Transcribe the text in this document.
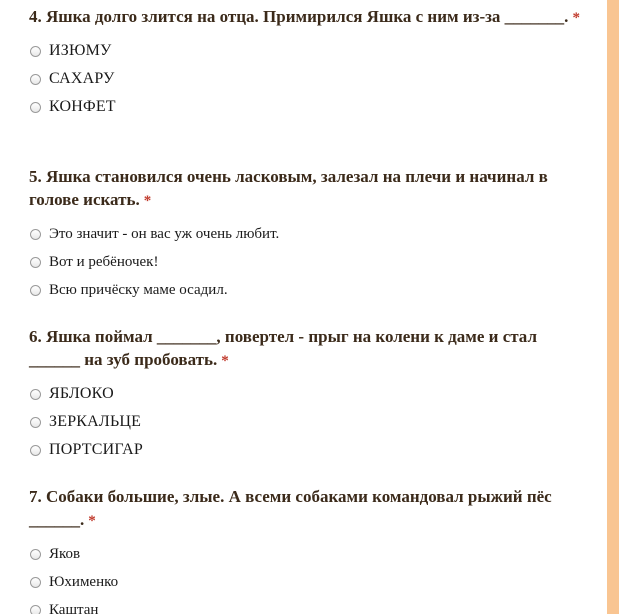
4. Яшка долго злится на отца. Примирился Яшка с ним из-за _______. *

ИЗЮМУ
САХАРУ
КОНФЕТ

5. Яшка становился очень ласковым, залезал на плечи и начинал в голове искать. *

Это значит - он вас уж очень любит.
Вот и ребёночек!
Всю причёску маме осадил.

6. Яшка поймал _______, повертел - прыг на колени к даме и стал ______ на зуб пробовать. *

ЯБЛОКО
ЗЕРКАЛЬЦЕ
ПОРТСИГАР

7. Собаки большие, злые. А всеми собаками командовал рыжий пёс ______. *

Яков
Юхименко
Каштан
